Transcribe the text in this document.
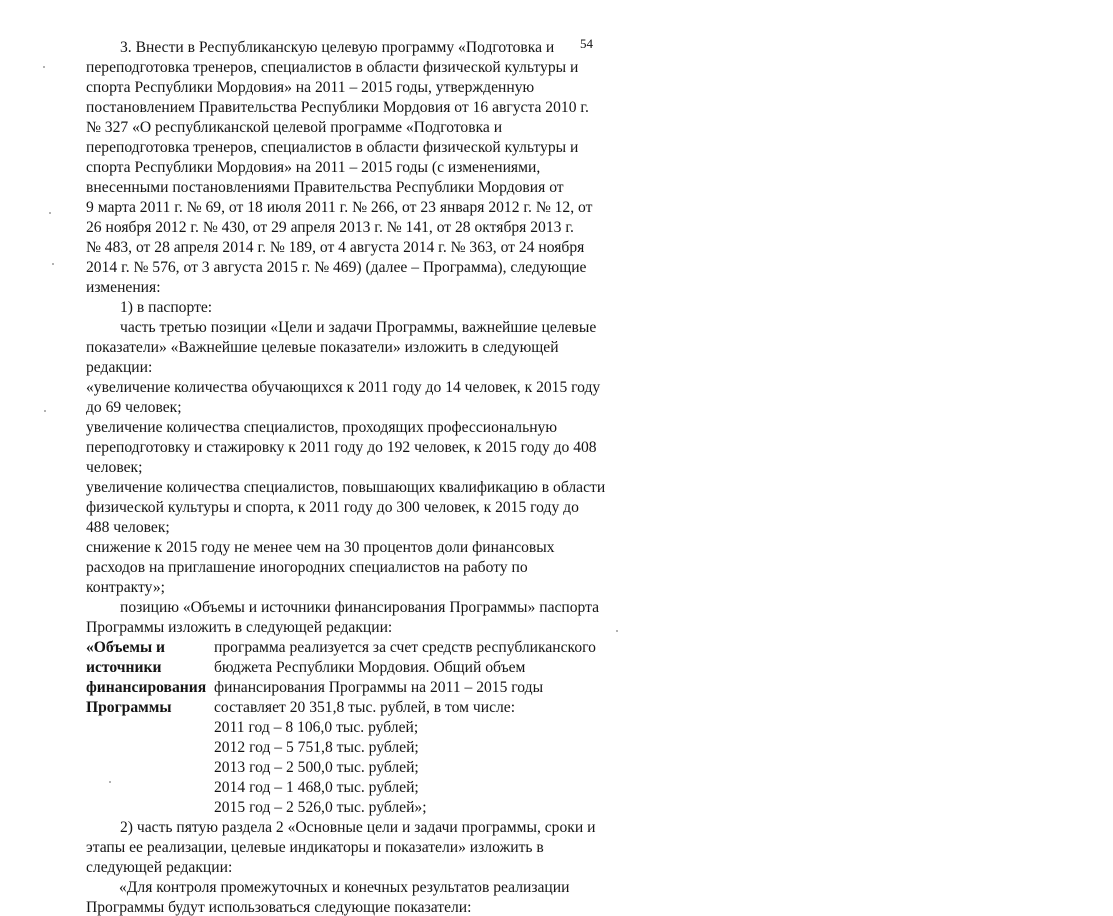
54
3. Внести в Республиканскую целевую программу «Подготовка и
переподготовка тренеров, специалистов в области физической культуры и
спорта Республики Мордовия» на 2011 – 2015 годы, утвержденную
постановлением Правительства Республики Мордовия от 16 августа 2010 г.
№ 327 «О республиканской целевой программе «Подготовка и
переподготовка тренеров, специалистов в области физической культуры и
спорта Республики Мордовия» на 2011 – 2015 годы (с изменениями,
внесенными постановлениями Правительства Республики Мордовия от
9 марта 2011 г. № 69, от 18 июля 2011 г. № 266, от 23 января 2012 г. № 12, от
26 ноября 2012 г. № 430, от 29 апреля 2013 г. № 141, от 28 октября 2013 г.
№ 483, от 28 апреля 2014 г. № 189, от 4 августа 2014 г. № 363, от 24 ноября
2014 г. № 576, от 3 августа 2015 г. № 469) (далее – Программа), следующие
изменения:
1) в паспорте:
часть третью позиции «Цели и задачи Программы, важнейшие целевые
показатели» «Важнейшие целевые показатели» изложить в следующей
редакции:
«увеличение количества обучающихся к 2011 году до 14 человек, к 2015 году
до 69 человек;
увеличение количества специалистов, проходящих профессиональную
переподготовку и стажировку к 2011 году до 192 человек, к 2015 году до 408
человек;
увеличение количества специалистов, повышающих квалификацию в области
физической культуры и спорта, к 2011 году до 300 человек, к 2015 году до
488 человек;
снижение к 2015 году не менее чем на 30 процентов доли финансовых
расходов на приглашение иногородних специалистов на работу по
контракту»;
позицию «Объемы и источники финансирования Программы» паспорта
Программы изложить в следующей редакции:
«Объемы и
источники
финансирования
Программы
программа реализуется за счет средств республиканского
бюджета Республики Мордовия. Общий объем
финансирования Программы на 2011 – 2015 годы
составляет 20 351,8 тыс. рублей, в том числе:
2011 год – 8 106,0 тыс. рублей;
2012 год – 5 751,8 тыс. рублей;
2013 год – 2 500,0 тыс. рублей;
2014 год – 1 468,0 тыс. рублей;
2015 год – 2 526,0 тыс. рублей»;
2) часть пятую раздела 2 «Основные цели и задачи программы, сроки и
этапы ее реализации, целевые индикаторы и показатели» изложить в
следующей редакции:
«Для контроля промежуточных и конечных результатов реализации
Программы будут использоваться следующие показатели:
